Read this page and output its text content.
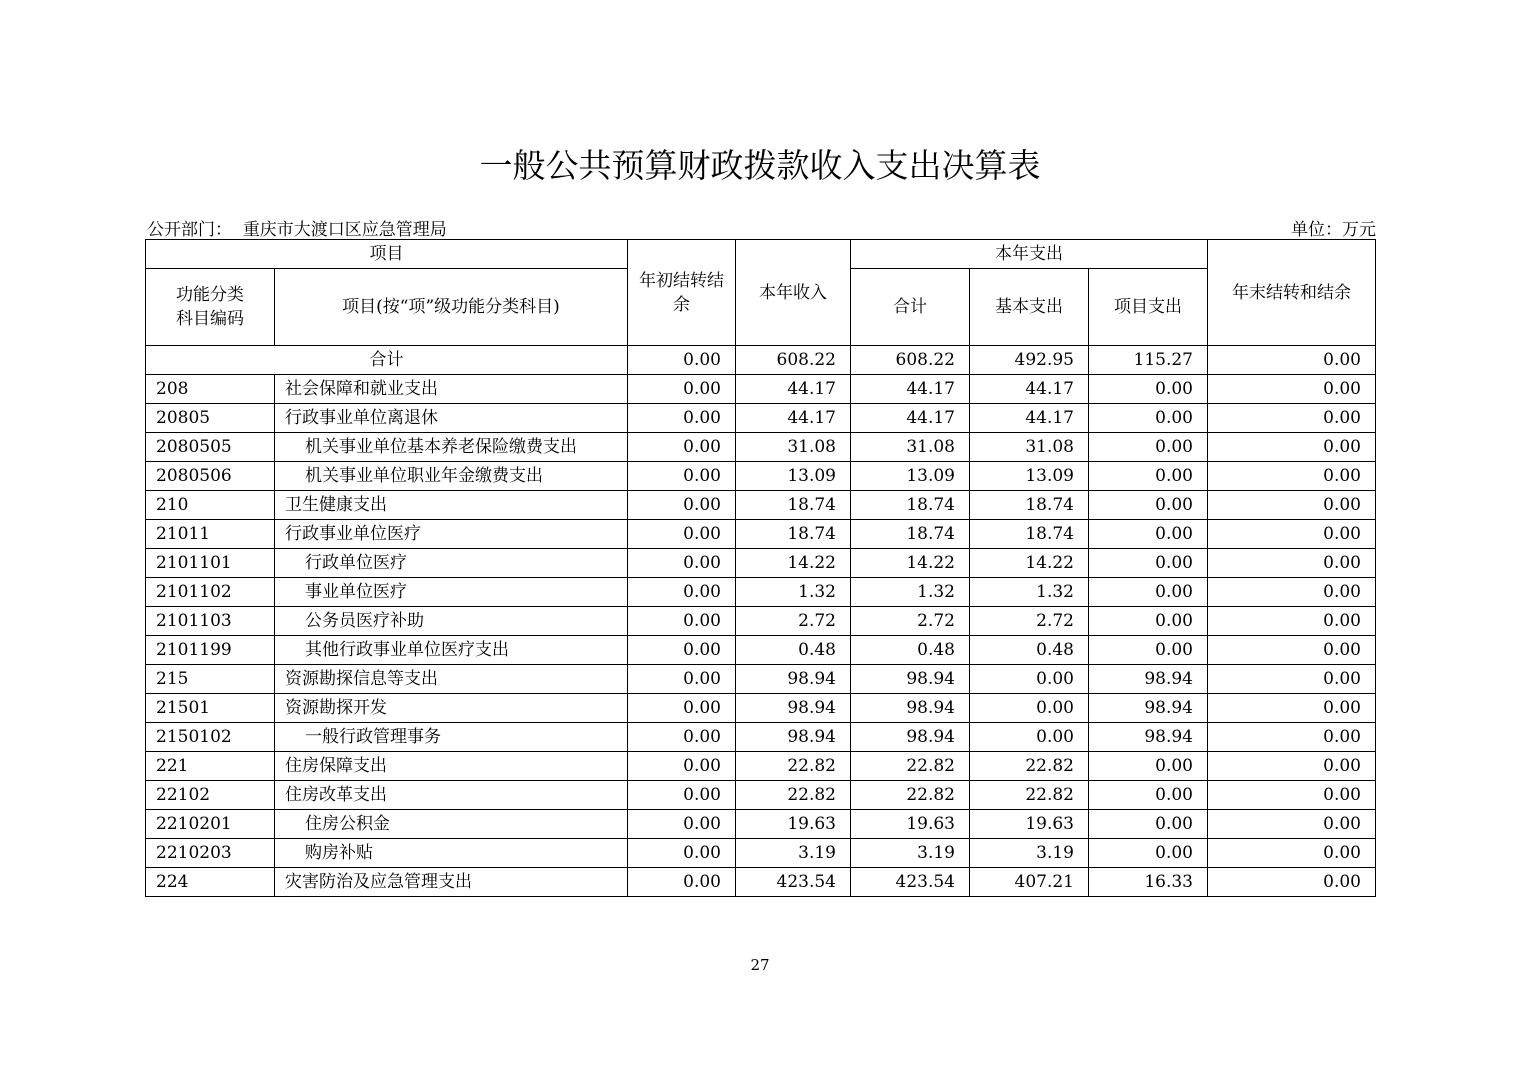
一般公共预算财政拨款收入支出决算表
公开部门： 重庆市大渡口区应急管理局	单位：万元
项目		年初结转结余	本年收入	本年支出			年末结转和结余
功能分类科目编码	项目(按“项”级功能分类科目)			合计	基本支出	项目支出	
合计		0.00	608.22	608.22	492.95	115.27	0.00
208	社会保障和就业支出	0.00	44.17	44.17	44.17	0.00	0.00
20805	行政事业单位离退休	0.00	44.17	44.17	44.17	0.00	0.00
2080505	机关事业单位基本养老保险缴费支出	0.00	31.08	31.08	31.08	0.00	0.00
2080506	机关事业单位职业年金缴费支出	0.00	13.09	13.09	13.09	0.00	0.00
210	卫生健康支出	0.00	18.74	18.74	18.74	0.00	0.00
21011	行政事业单位医疗	0.00	18.74	18.74	18.74	0.00	0.00
2101101	行政单位医疗	0.00	14.22	14.22	14.22	0.00	0.00
2101102	事业单位医疗	0.00	1.32	1.32	1.32	0.00	0.00
2101103	公务员医疗补助	0.00	2.72	2.72	2.72	0.00	0.00
2101199	其他行政事业单位医疗支出	0.00	0.48	0.48	0.48	0.00	0.00
215	资源勘探信息等支出	0.00	98.94	98.94	0.00	98.94	0.00
21501	资源勘探开发	0.00	98.94	98.94	0.00	98.94	0.00
2150102	一般行政管理事务	0.00	98.94	98.94	0.00	98.94	0.00
221	住房保障支出	0.00	22.82	22.82	22.82	0.00	0.00
22102	住房改革支出	0.00	22.82	22.82	22.82	0.00	0.00
2210201	住房公积金	0.00	19.63	19.63	19.63	0.00	0.00
2210203	购房补贴	0.00	3.19	3.19	3.19	0.00	0.00
224	灾害防治及应急管理支出	0.00	423.54	423.54	407.21	16.33	0.00
27
